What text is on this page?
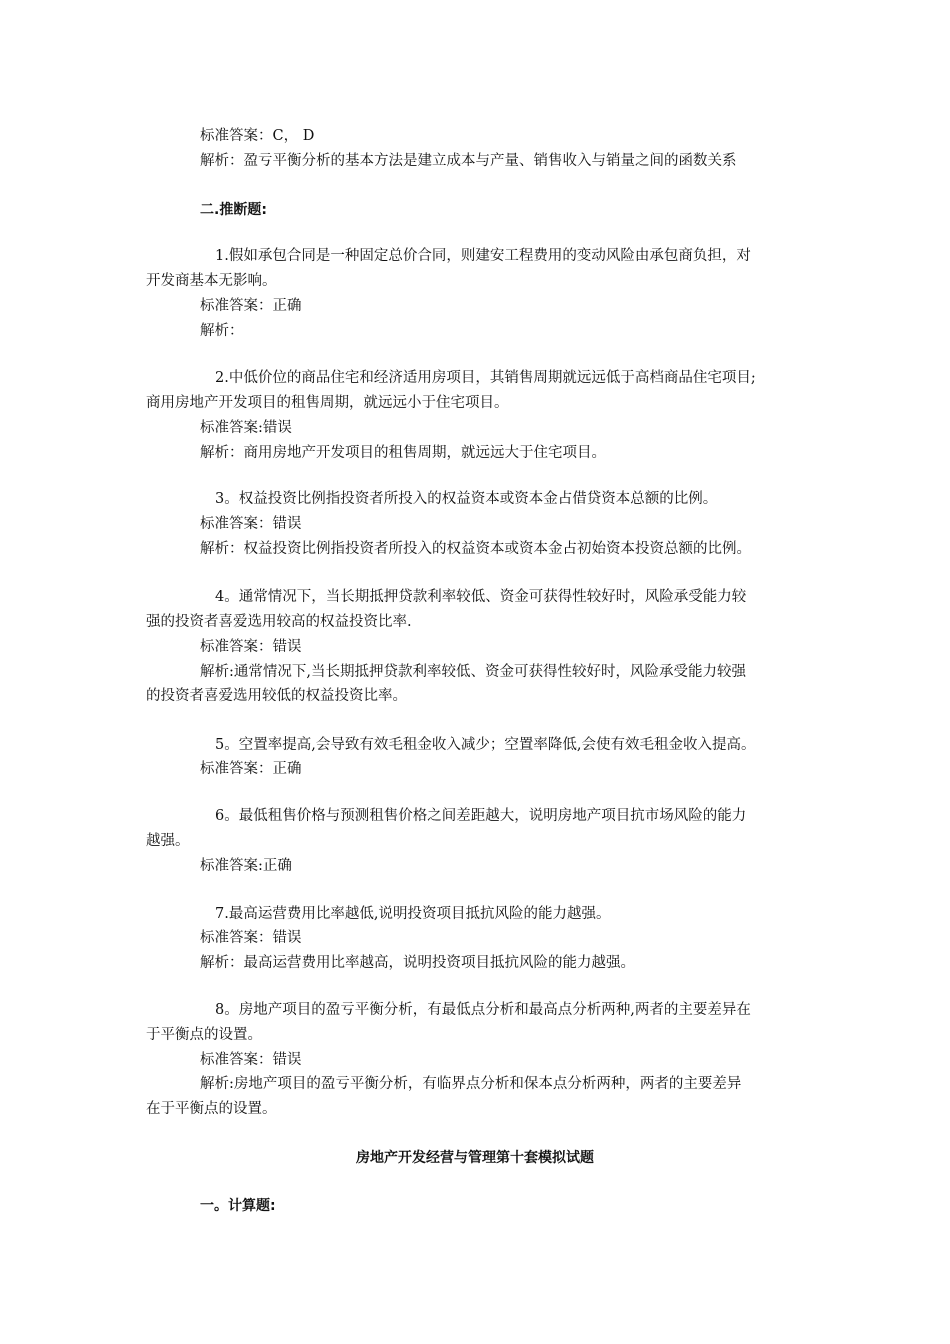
标准答案：C， D
解析：盈亏平衡分析的基本方法是建立成本与产量、销售收入与销量之间的函数关系
二.推断题:
1.假如承包合同是一种固定总价合同，则建安工程费用的变动风险由承包商负担，对
开发商基本无影响。
标准答案：正确
解析：
2.中低价位的商品住宅和经济适用房项目，其销售周期就远远低于高档商品住宅项目;
商用房地产开发项目的租售周期，就远远小于住宅项目。
标准答案:错误
解析：商用房地产开发项目的租售周期，就远远大于住宅项目。
3。权益投资比例指投资者所投入的权益资本或资本金占借贷资本总额的比例。
标准答案：错误
解析：权益投资比例指投资者所投入的权益资本或资本金占初始资本投资总额的比例。
4。通常情况下，当长期抵押贷款利率较低、资金可获得性较好时，风险承受能力较
强的投资者喜爱选用较高的权益投资比率.
标准答案：错误
解析:通常情况下,当长期抵押贷款利率较低、资金可获得性较好时，风险承受能力较强
的投资者喜爱选用较低的权益投资比率。
5。空置率提高,会导致有效毛租金收入减少；空置率降低,会使有效毛租金收入提高。
标准答案：正确
6。最低租售价格与预测租售价格之间差距越大，说明房地产项目抗市场风险的能力
越强。
标准答案:正确
7.最高运营费用比率越低,说明投资项目抵抗风险的能力越强。
标准答案：错误
解析：最高运营费用比率越高，说明投资项目抵抗风险的能力越强。
8。房地产项目的盈亏平衡分析，有最低点分析和最高点分析两种,两者的主要差异在
于平衡点的设置。
标准答案：错误
解析:房地产项目的盈亏平衡分析，有临界点分析和保本点分析两种，两者的主要差异
在于平衡点的设置。
房地产开发经营与管理第十套模拟试题
一。计算题:
